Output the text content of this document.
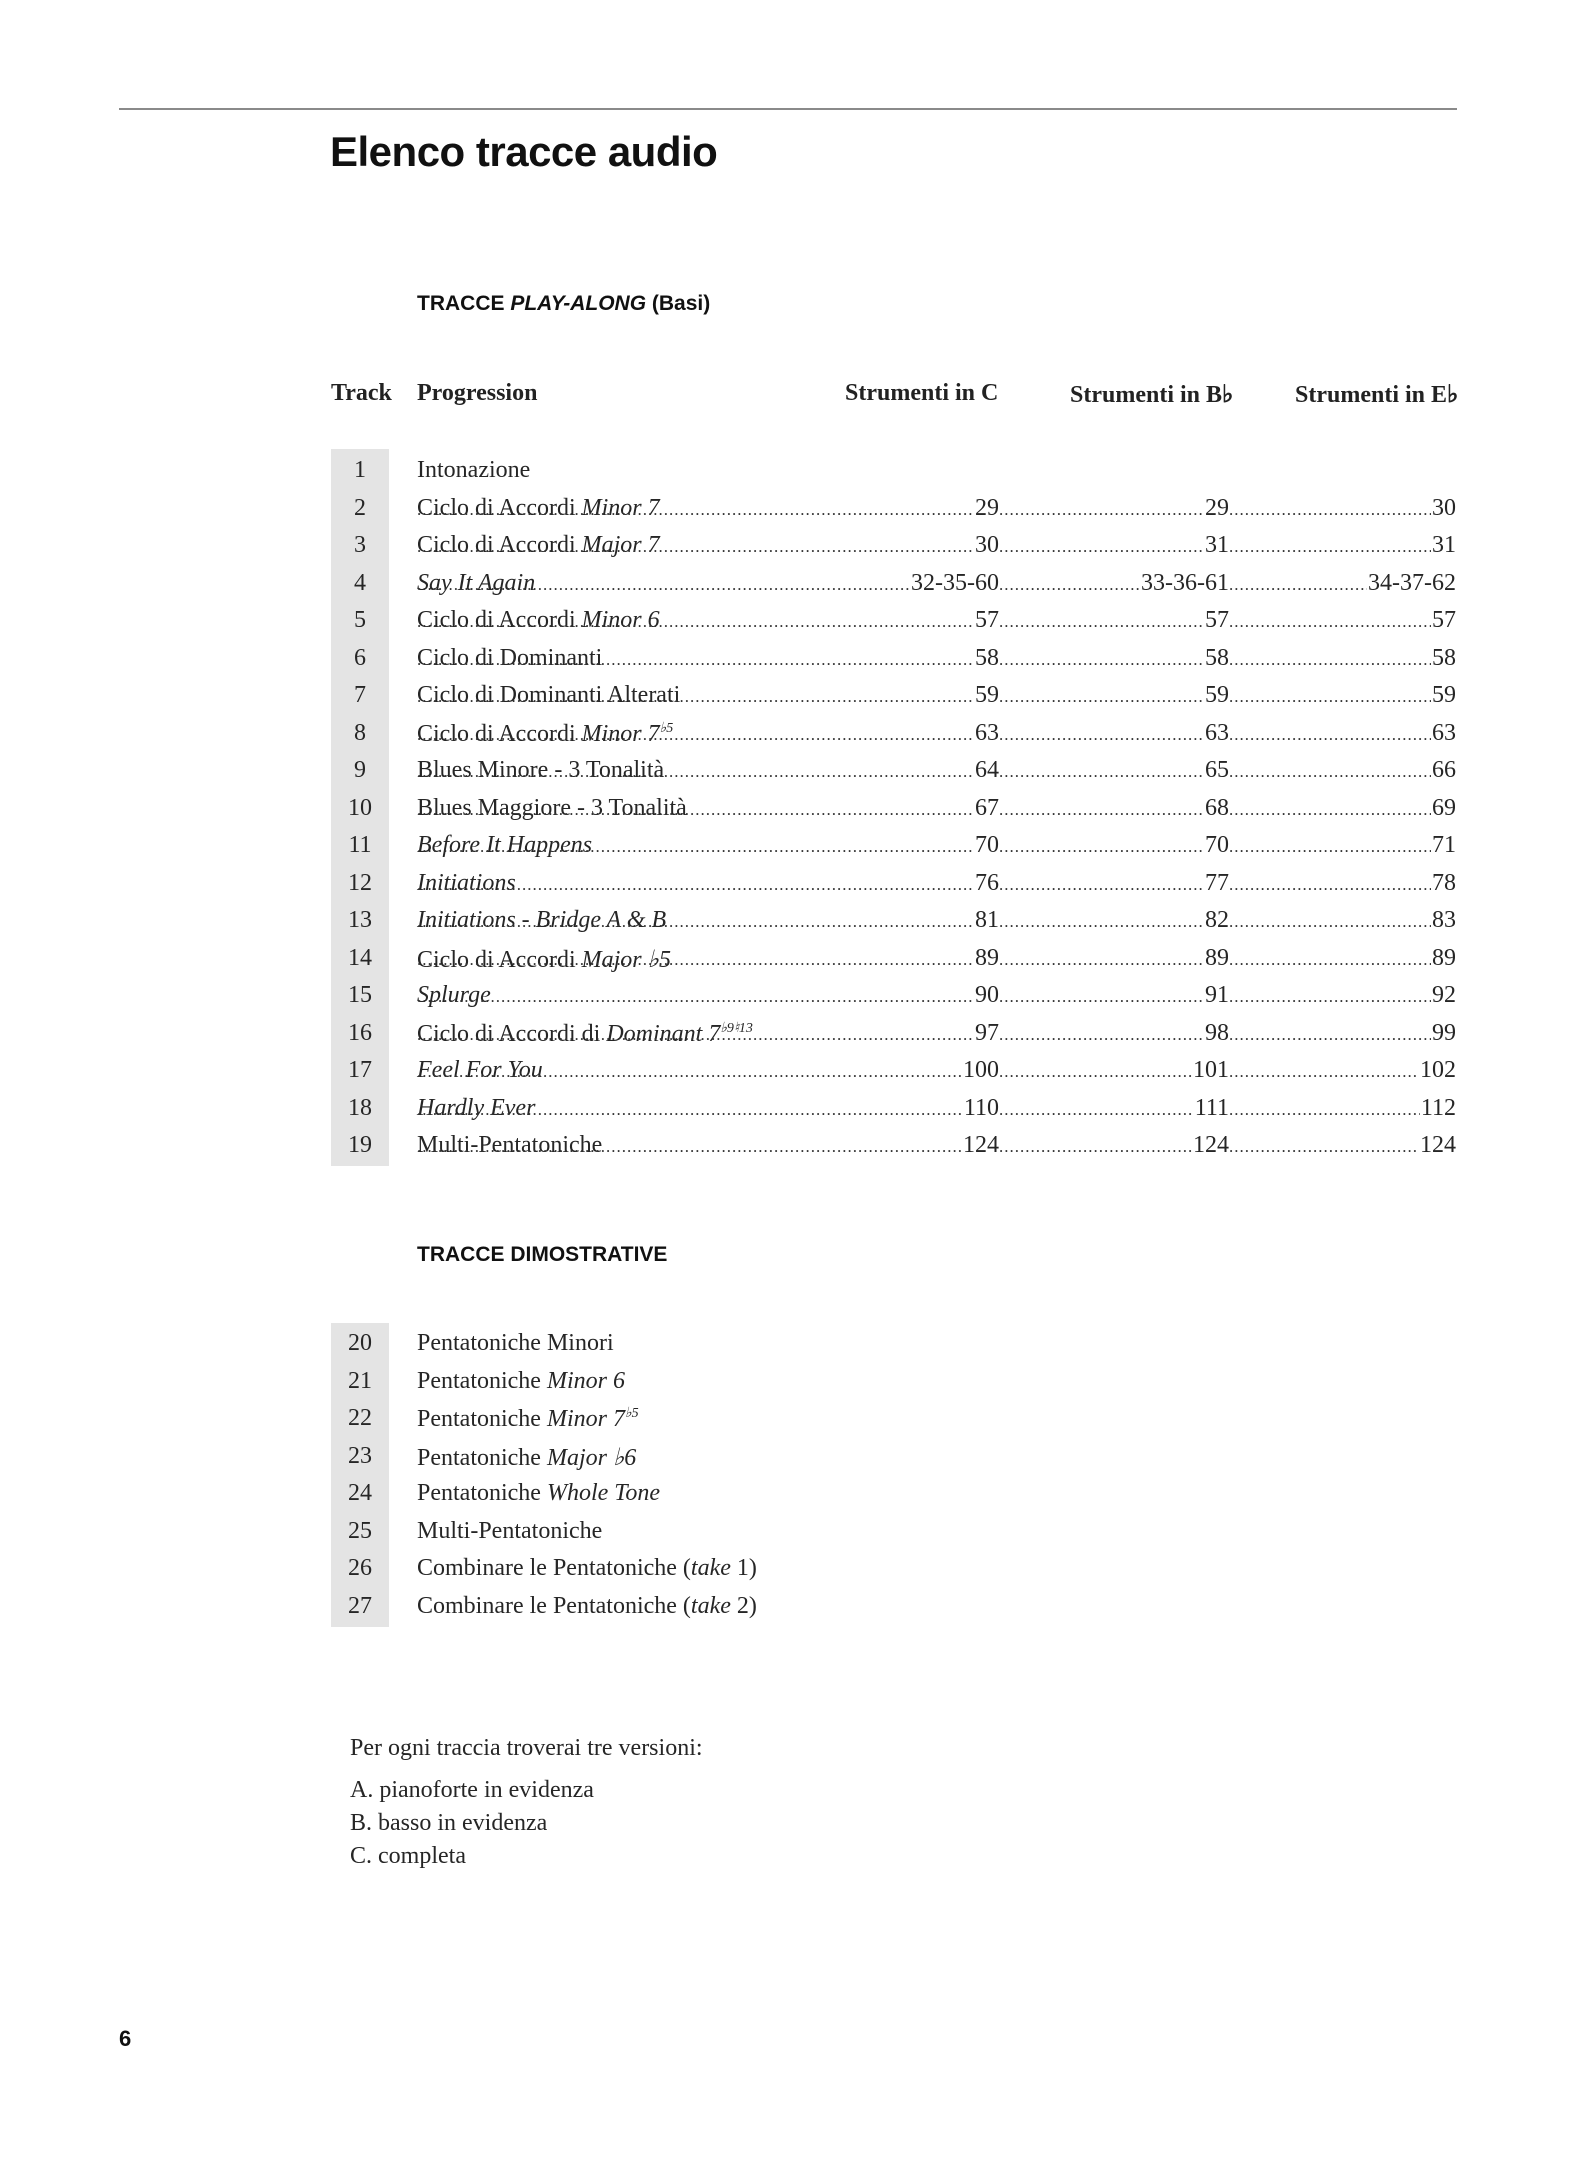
Elenco tracce audio
TRACCE PLAY-ALONG (Basi)
Track Progression	Strumenti in C	Strumenti in B♭	Strumenti in E♭
1	Intonazione
2	Ciclo di Accordi Minor 7 .....	29 .....	29 .....	30
3	Ciclo di Accordi Major 7 .....	30 .....	31 .....	31
4	Say It Again .....	32-35-60 .....	33-36-61 .....	34-37-62
5	Ciclo di Accordi Minor 6 .....	57 .....	57 .....	57
6	Ciclo di Dominanti .....	58 .....	58 .....	58
7	Ciclo di Dominanti Alterati .....	59 .....	59 .....	59
8	Ciclo di Accordi Minor $7^{♭5}$ .....	63 .....	63 .....	63
9	Blues Minore - 3 Tonalità .....	64 .....	65 .....	66
10	Blues Maggiore - 3 Tonalità .....	67 .....	68 .....	69
11	Before It Happens .....	70 .....	70 .....	71
12	Initiations .....	76 .....	77 .....	78
13	Initiations - Bridge A & B .....	81 .....	82 .....	83
14	Ciclo di Accordi Major ♭5 .....	89 .....	89 .....	89
15	Splurge .....	90 .....	91 .....	92
16	Ciclo di Accordi di Dominant $7^{♭9♮13}$ .....	97 .....	98 .....	99
17	Feel For You .....	100 .....	101 .....	102
18	Hardly Ever .....	110 .....	111 .....	112
19	Multi-Pentatoniche .....	124 .....	124 .....	124
TRACCE DIMOSTRATIVE
20	Pentatoniche Minori
21	Pentatoniche Minor 6
22	Pentatoniche Minor $7^{♭5}$
23	Pentatoniche Major ♭6
24	Pentatoniche Whole Tone
25	Multi-Pentatoniche
26	Combinare le Pentatoniche (take 1)
27	Combinare le Pentatoniche (take 2)
Per ogni traccia troverai tre versioni:
A. pianoforte in evidenza
B. basso in evidenza
C. completa

6
